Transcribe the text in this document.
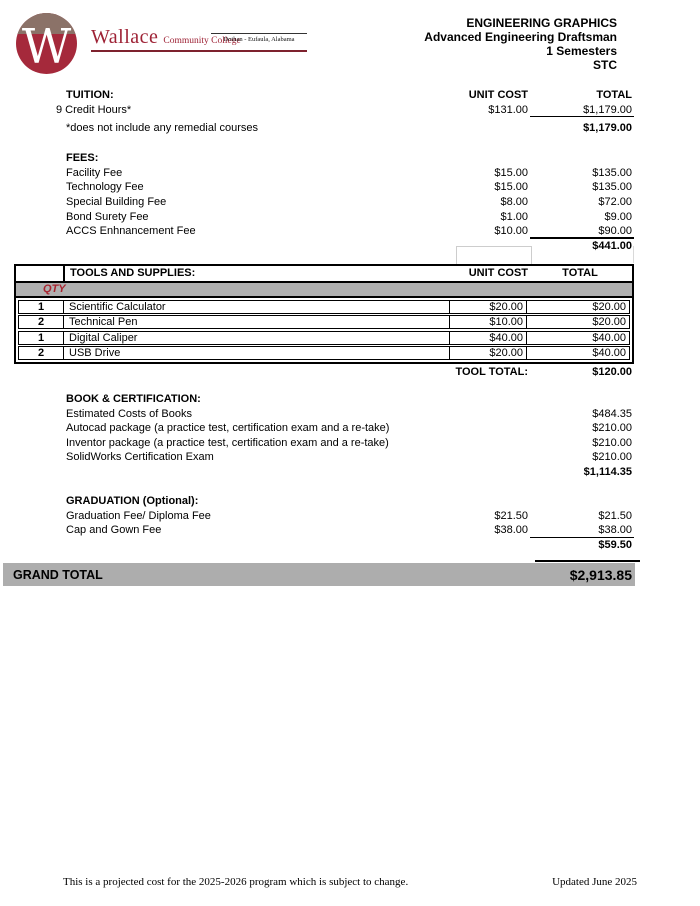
W Wallace Community College
Dothan - Eufaula, Alabama
ENGINEERING GRAPHICS
Advanced Engineering Draftsman
1 Semesters
STC
TUITION:	UNIT COST	TOTAL
9 Credit Hours*	$131.00	$1,179.00
*does not include any remedial courses	$1,179.00
FEES:
Facility Fee	$15.00	$135.00
Technology Fee	$15.00	$135.00
Special Building Fee	$8.00	$72.00
Bond Surety Fee	$1.00	$9.00
ACCS Enhnancement Fee	$10.00	$90.00
$441.00
TOOLS AND SUPPLIES:	UNIT COST	TOTAL
QTY
1	Scientific Calculator	$20.00	$20.00
2	Technical Pen	$10.00	$20.00
1	Digital Caliper	$40.00	$40.00
2	USB Drive	$20.00	$40.00
TOOL TOTAL:	$120.00
BOOK & CERTIFICATION:
Estimated Costs of Books	$484.35
Autocad package (a practice test, certification exam and a re-take)	$210.00
Inventor package (a practice test, certification exam and a re-take)	$210.00
SolidWorks Certification Exam	$210.00
$1,114.35
GRADUATION (Optional):
Graduation Fee/ Diploma Fee	$21.50	$21.50
Cap and Gown Fee	$38.00	$38.00
$59.50
GRAND TOTAL	$2,913.85
This is a projected cost for the 2025-2026 program which is subject to change.	Updated June 2025
